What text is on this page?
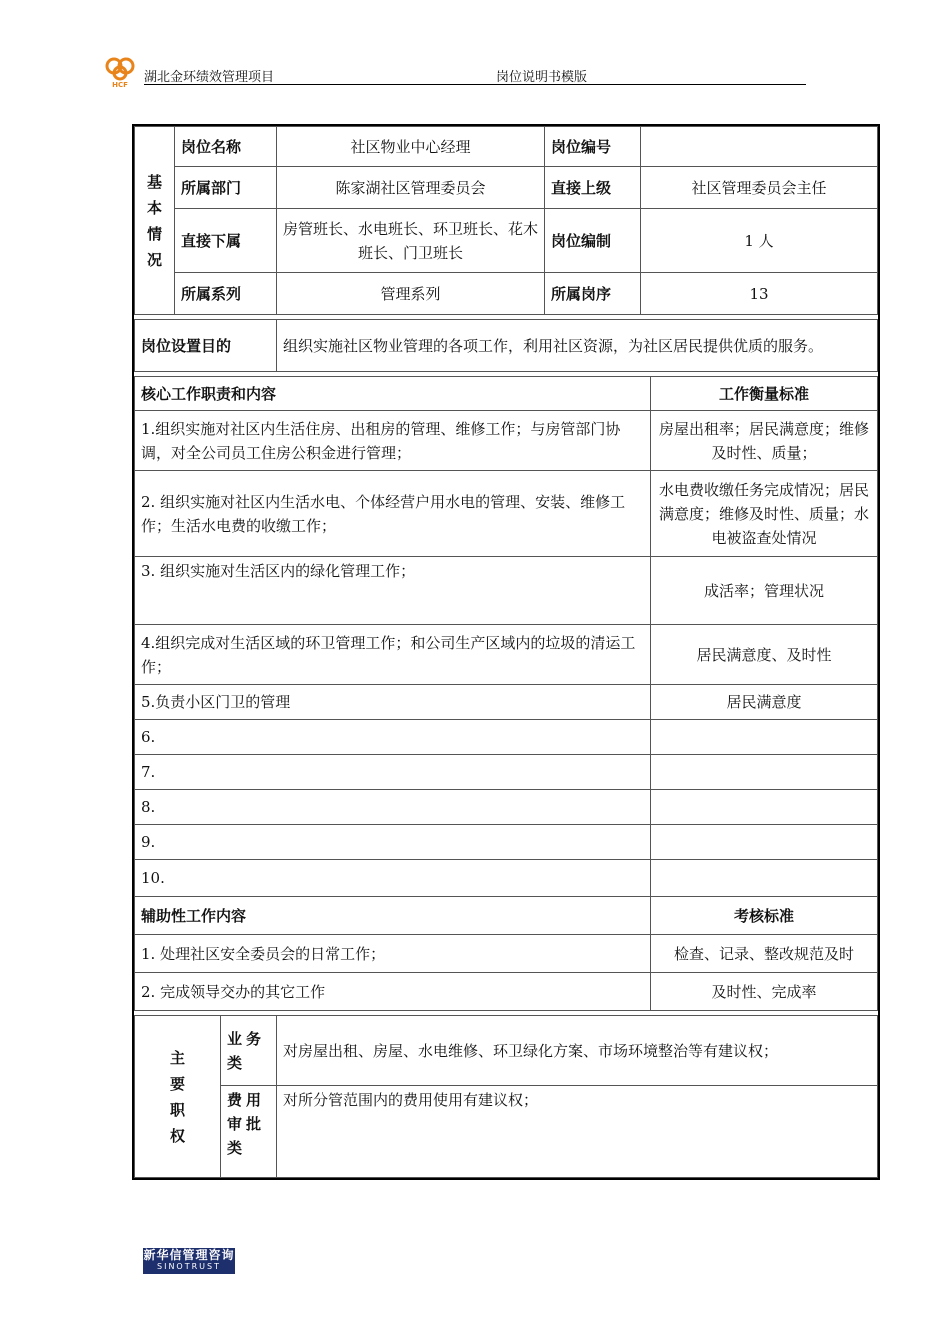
HCF 湖北金环绩效管理项目	岗位说明书模版
基本情况	岗位名称	社区物业中心经理	岗位编号	
	所属部门	陈家湖社区管理委员会	直接上级	社区管理委员会主任
	直接下属	房管班长、水电班长、环卫班长、花木班长、门卫班长	岗位编制	1 人
	所属系列	管理系列	所属岗序	13
岗位设置目的	组织实施社区物业管理的各项工作，利用社区资源，为社区居民提供优质的服务。
核心工作职责和内容	工作衡量标准
1.组织实施对社区内生活住房、出租房的管理、维修工作；与房管部门协调，对全公司员工住房公积金进行管理；	房屋出租率；居民满意度；维修及时性、质量；
2. 组织实施对社区内生活水电、个体经营户用水电的管理、安装、维修工作；生活水电费的收缴工作；	水电费收缴任务完成情况；居民满意度；维修及时性、质量；水电被盗查处情况
3. 组织实施对生活区内的绿化管理工作；	成活率；管理状况
4.组织完成对生活区域的环卫管理工作；和公司生产区域内的垃圾的清运工作；	居民满意度、及时性
5.负责小区门卫的管理	居民满意度
6.	
7.	
8.	
9.	
10.	
辅助性工作内容	考核标准
1. 处理社区安全委员会的日常工作；	检查、记录、整改规范及时
2. 完成领导交办的其它工作	及时性、完成率
主要职权	业务类	对房屋出租、房屋、水电维修、环卫绿化方案、市场环境整治等有建议权；
	费用审批类	对所分管范围内的费用使用有建议权；
新华信管理咨询
SINOTRUST
